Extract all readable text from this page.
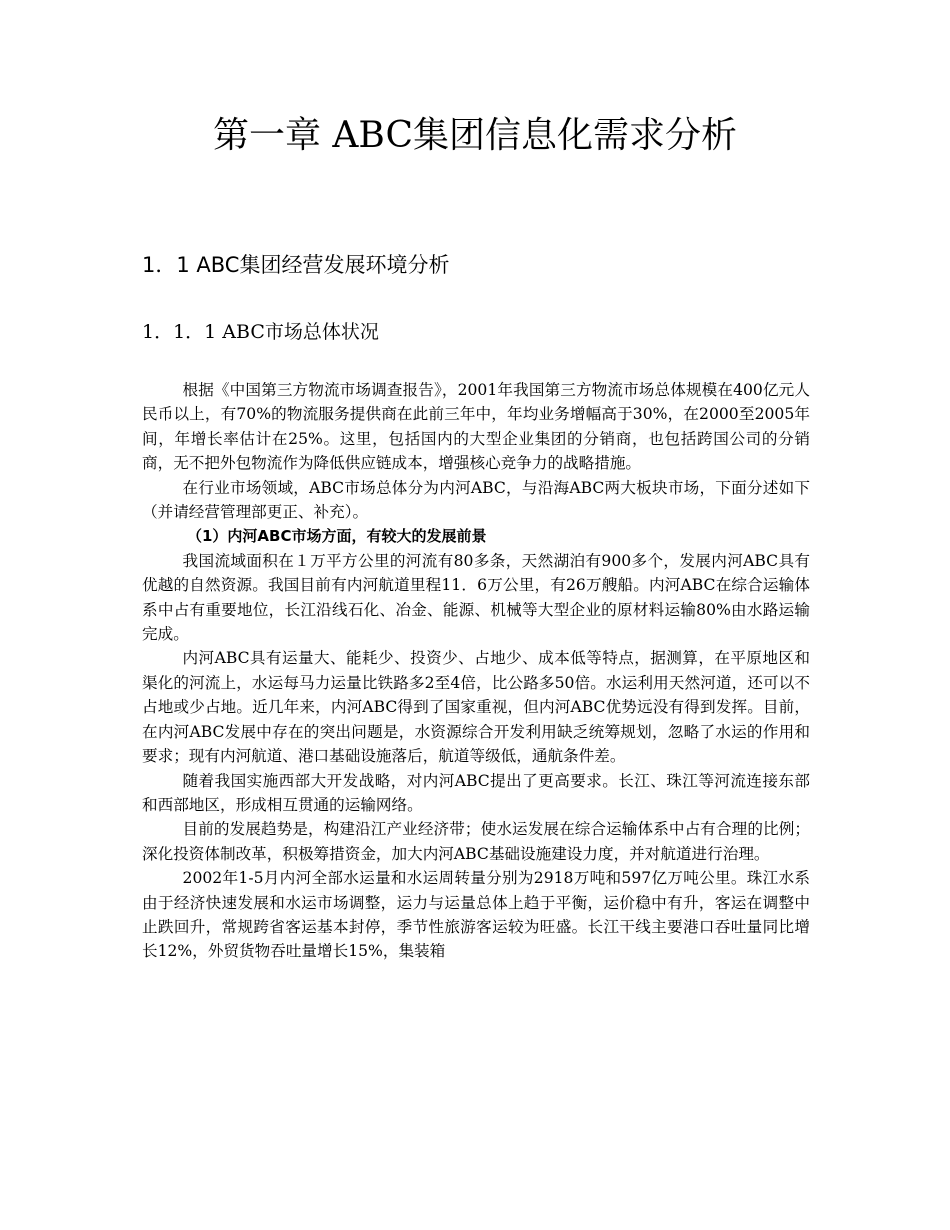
第一章 ABC集团信息化需求分析
1．1 ABC集团经营发展环境分析
1．1．1 ABC市场总体状况

根据《中国第三方物流市场调查报告》，2001年我国第三方物流市场总体规模在400亿元人民币以上，有70%的物流服务提供商在此前三年中，年均业务增幅高于30%，在2000至2005年间，年增长率估计在25%。这里，包括国内的大型企业集团的分销商，也包括跨国公司的分销商，无不把外包物流作为降低供应链成本，增强核心竞争力的战略措施。

在行业市场领域，ABC市场总体分为内河ABC，与沿海ABC两大板块市场，下面分述如下（并请经营管理部更正、补充）。

（1）内河ABC市场方面，有较大的发展前景

我国流域面积在１万平方公里的河流有80多条，天然湖泊有900多个，发展内河ABC具有优越的自然资源。我国目前有内河航道里程11．6万公里，有26万艘船。内河ABC在综合运输体系中占有重要地位，长江沿线石化、冶金、能源、机械等大型企业的原材料运输80%由水路运输完成。

内河ABC具有运量大、能耗少、投资少、占地少、成本低等特点，据测算，在平原地区和渠化的河流上，水运每马力运量比铁路多2至4倍，比公路多50倍。水运利用天然河道，还可以不占地或少占地。近几年来，内河ABC得到了国家重视，但内河ABC优势远没有得到发挥。目前，在内河ABC发展中存在的突出问题是，水资源综合开发利用缺乏统筹规划，忽略了水运的作用和要求；现有内河航道、港口基础设施落后，航道等级低，通航条件差。

随着我国实施西部大开发战略，对内河ABC提出了更高要求。长江、珠江等河流连接东部和西部地区，形成相互贯通的运输网络。

目前的发展趋势是，构建沿江产业经济带；使水运发展在综合运输体系中占有合理的比例；深化投资体制改革，积极筹措资金，加大内河ABC基础设施建设力度，并对航道进行治理。

2002年1-5月内河全部水运量和水运周转量分别为2918万吨和597亿万吨公里。珠江水系由于经济快速发展和水运市场调整，运力与运量总体上趋于平衡，运价稳中有升，客运在调整中止跌回升，常规跨省客运基本封停，季节性旅游客运较为旺盛。长江干线主要港口吞吐量同比增长12%，外贸货物吞吐量增长15%，集装箱
